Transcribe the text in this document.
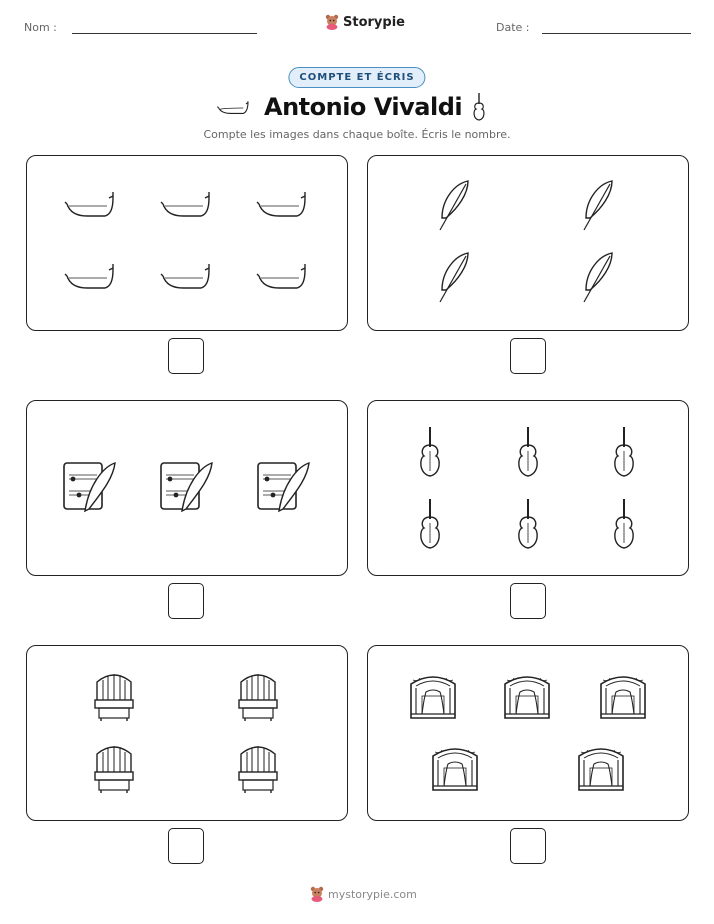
Nom :	Storypie	Date :
COMPTE ET ÉCRIS
Antonio Vivaldi
Compte les images dans chaque boîte. Écris le nombre.
mystorypie.com
